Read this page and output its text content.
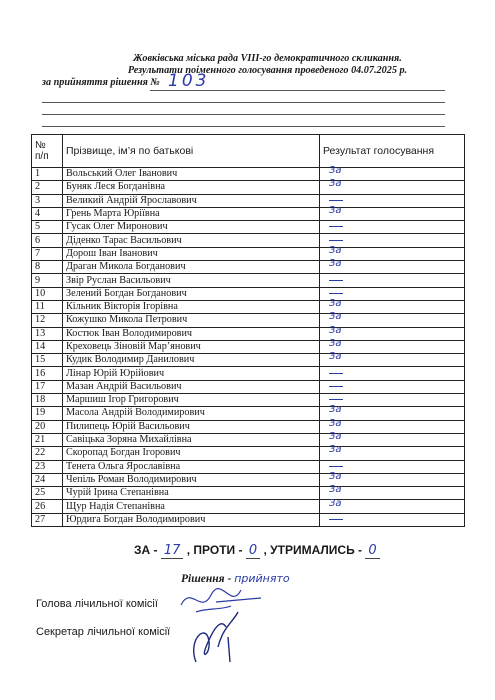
Жовківська міська рада VIII-го демократичного скликання.
Результати поіменного голосування проведеного 04.07.2025 р.
за прийняття рішення № 103
№
п/п	Прізвище, ім’я по батькові	Результат голосування
1	Вольський Олег Іванович	За

2	Буняк Леся Богданівна	За

3	Великий Андрій Ярославович	

4	Грень Марта Юріївна	За

5	Гусак Олег Миронович	

6	Діденко Тарас Васильович	

7	Дорош Іван Іванович	За

8	Драган Микола Богданович	За

9	Звір Руслан Васильович	

10	Зелений Богдан Богданович	

11	Кільник Вікторія Ігорівна	За

12	Кожушко Микола Петрович	За

13	Костюк Іван Володимирович	За

14	Креховець Зіновій Мар’янович	За

15	Кудик Володимир Данилович	За

16	Лінар Юрій Юрійович	

17	Мазан Андрій Васильович	

18	Маршиш Ігор Григорович	

19	Масола Андрій Володимирович	За

20	Пилипець Юрій Васильович	За

21	Савіцька Зоряна Михайлівна	За

22	Скоропад Богдан Ігорович	За

23	Тенета Ольга Ярославівна	

24	Чепіль Роман Володимирович	За

25	Чурій Ірина Степанівна	За

26	Щур Надія Степанівна	За

27	Юрдига Богдан Володимирович	
ЗА - 17 , ПРОТИ - 0 , УТРИМАЛИСЬ - 0
Рішення - прийнято
Голова лічильної комісії
Секретар лічильної комісії
